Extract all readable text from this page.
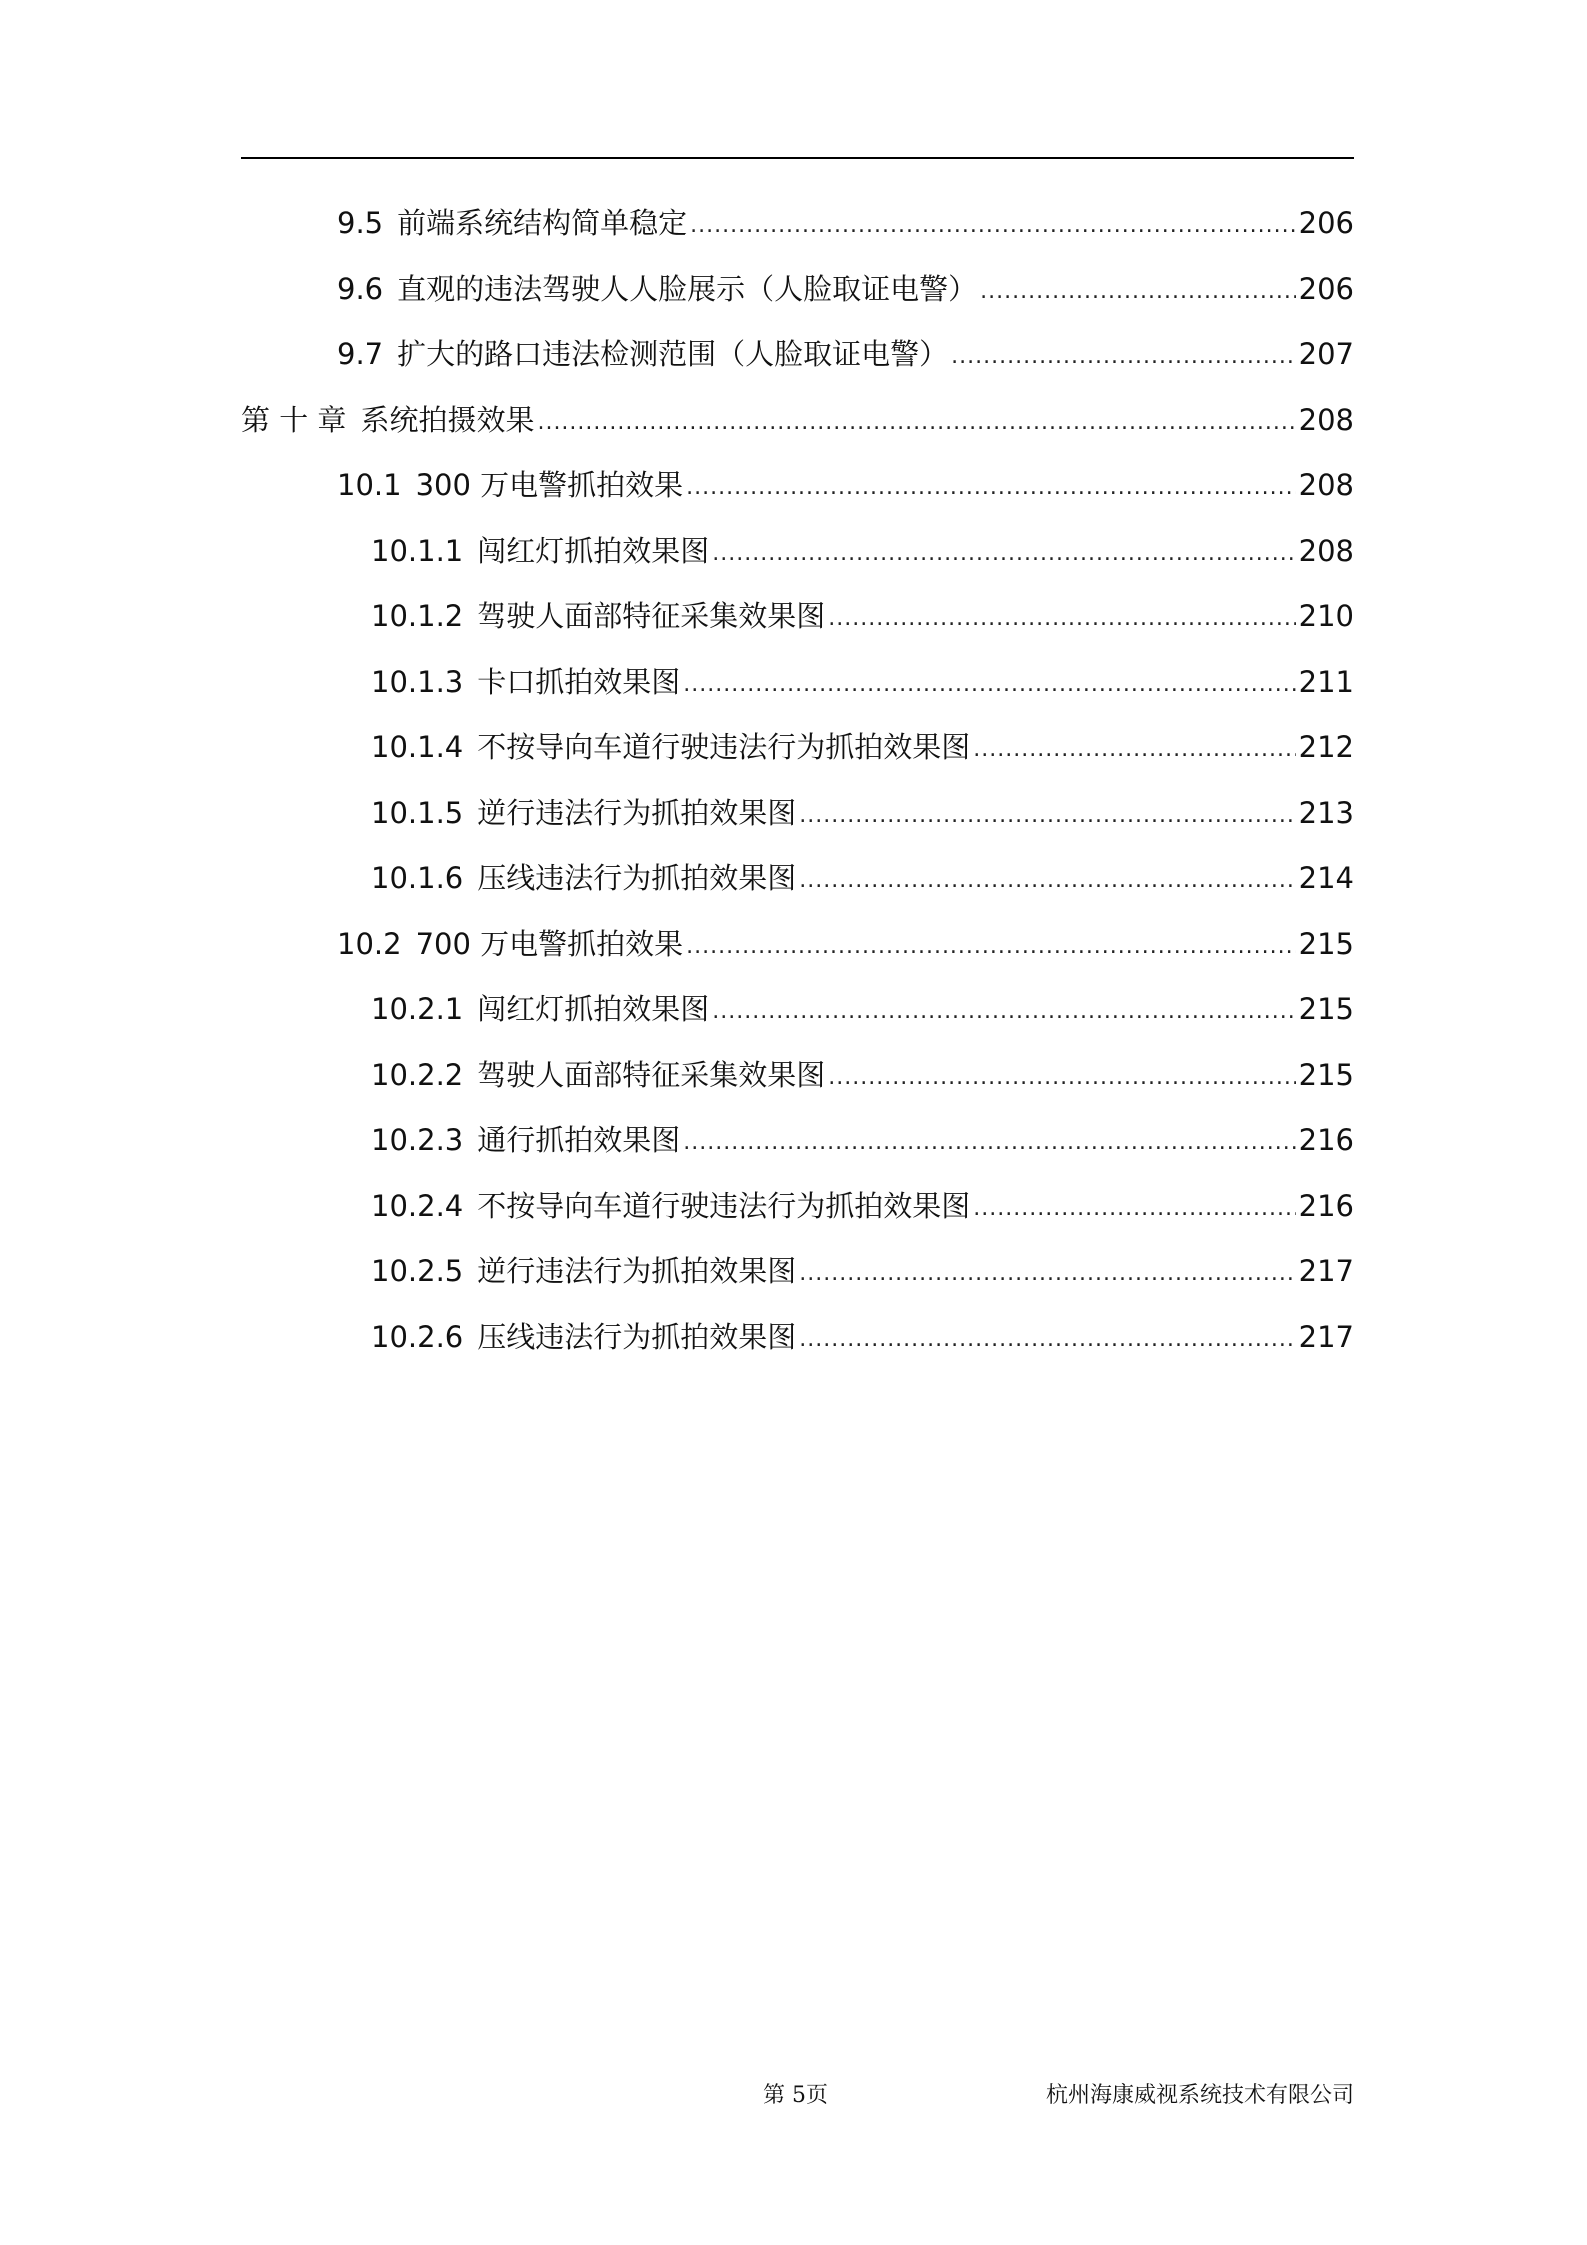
9.5 前端系统结构简单稳定 .....	206
9.6 直观的违法驾驶人人脸展示（人脸取证电警） .....	206
9.7 扩大的路口违法检测范围（人脸取证电警） .....	207
第 十 章 系统拍摄效果 .....	208
10.1 300 万电警抓拍效果 .....	208
10.1.1 闯红灯抓拍效果图 .....	208
10.1.2 驾驶人面部特征采集效果图 .....	210
10.1.3 卡口抓拍效果图 .....	211
10.1.4 不按导向车道行驶违法行为抓拍效果图 .....	212
10.1.5 逆行违法行为抓拍效果图 .....	213
10.1.6 压线违法行为抓拍效果图 .....	214
10.2 700 万电警抓拍效果 .....	215
10.2.1 闯红灯抓拍效果图 .....	215
10.2.2 驾驶人面部特征采集效果图 .....	215
10.2.3 通行抓拍效果图 .....	216
10.2.4 不按导向车道行驶违法行为抓拍效果图 .....	216
10.2.5 逆行违法行为抓拍效果图 .....	217
10.2.6 压线违法行为抓拍效果图 .....	217
第 5页	杭州海康威视系统技术有限公司
